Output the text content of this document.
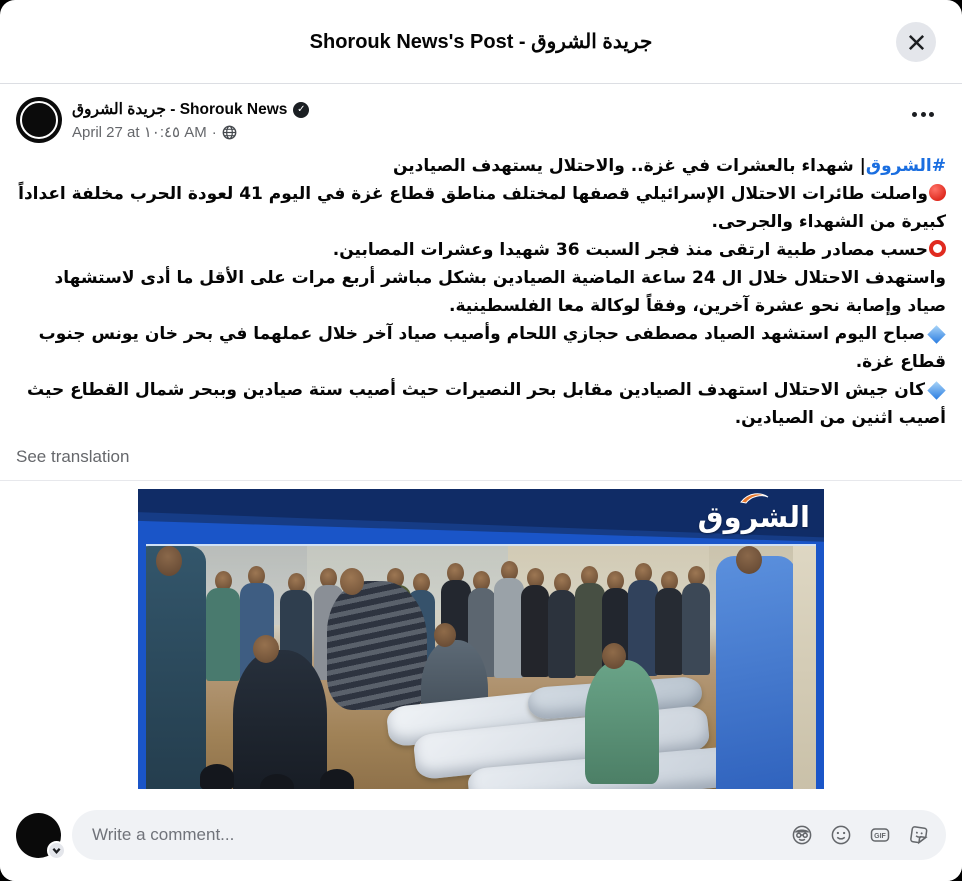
Shorouk News's Post - جريدة الشروق
جريدة الشروق - Shorouk News ✓
April 27 at ١٠:٤٥ AM ·

#الشروق| شهداء بالعشرات في غزة.. والاحتلال يستهدف الصيادين

واصلت طائرات الاحتلال الإسرائيلي قصفها لمختلف مناطق قطاع غزة في اليوم 41 لعودة الحرب مخلفة اعداداً كبيرة من الشهداء والجرحى.

حسب مصادر طبية ارتقى منذ فجر السبت 36 شهيدا وعشرات المصابين.

واستهدف الاحتلال خلال ال 24 ساعة الماضية الصيادين بشكل مباشر أربع مرات على الأقل ما أدى لاستشهاد صياد وإصابة نحو عشرة آخرين، وفقاً لوكالة معا الفلسطينية.

صباح اليوم استشهد الصياد مصطفى حجازي اللحام وأصيب صياد آخر خلال عملهما في بحر خان يونس جنوب قطاع غزة.

كان جيش الاحتلال استهدف الصيادين مقابل بحر النصيرات حيث أصيب ستة صيادين وببحر شمال القطاع حيث أصيب اثنين من الصيادين.

See translation
الشروق
Write a comment...
GIF
